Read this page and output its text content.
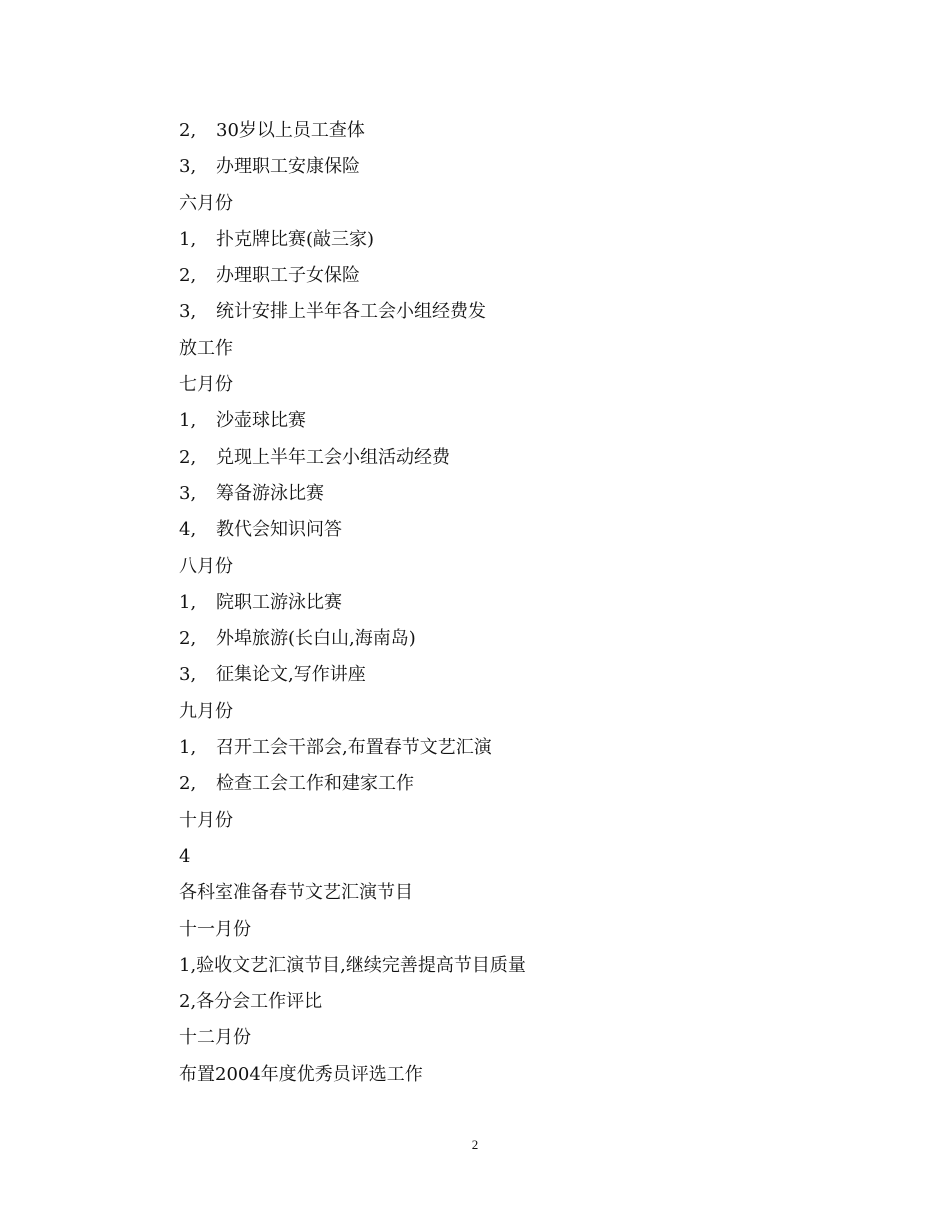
2, 30岁以上员工查体
3, 办理职工安康保险
六月份
1, 扑克牌比赛(敲三家)
2, 办理职工子女保险
3, 统计安排上半年各工会小组经费发
放工作
七月份
1, 沙壶球比赛
2, 兑现上半年工会小组活动经费
3, 筹备游泳比赛
4, 教代会知识问答
八月份
1, 院职工游泳比赛
2, 外埠旅游(长白山,海南岛)
3, 征集论文,写作讲座
九月份
1, 召开工会干部会,布置春节文艺汇演
2, 检查工会工作和建家工作
十月份
4
各科室准备春节文艺汇演节目
十一月份
1,验收文艺汇演节目,继续完善提高节目质量
2,各分会工作评比
十二月份
布置2004年度优秀员评选工作
2
